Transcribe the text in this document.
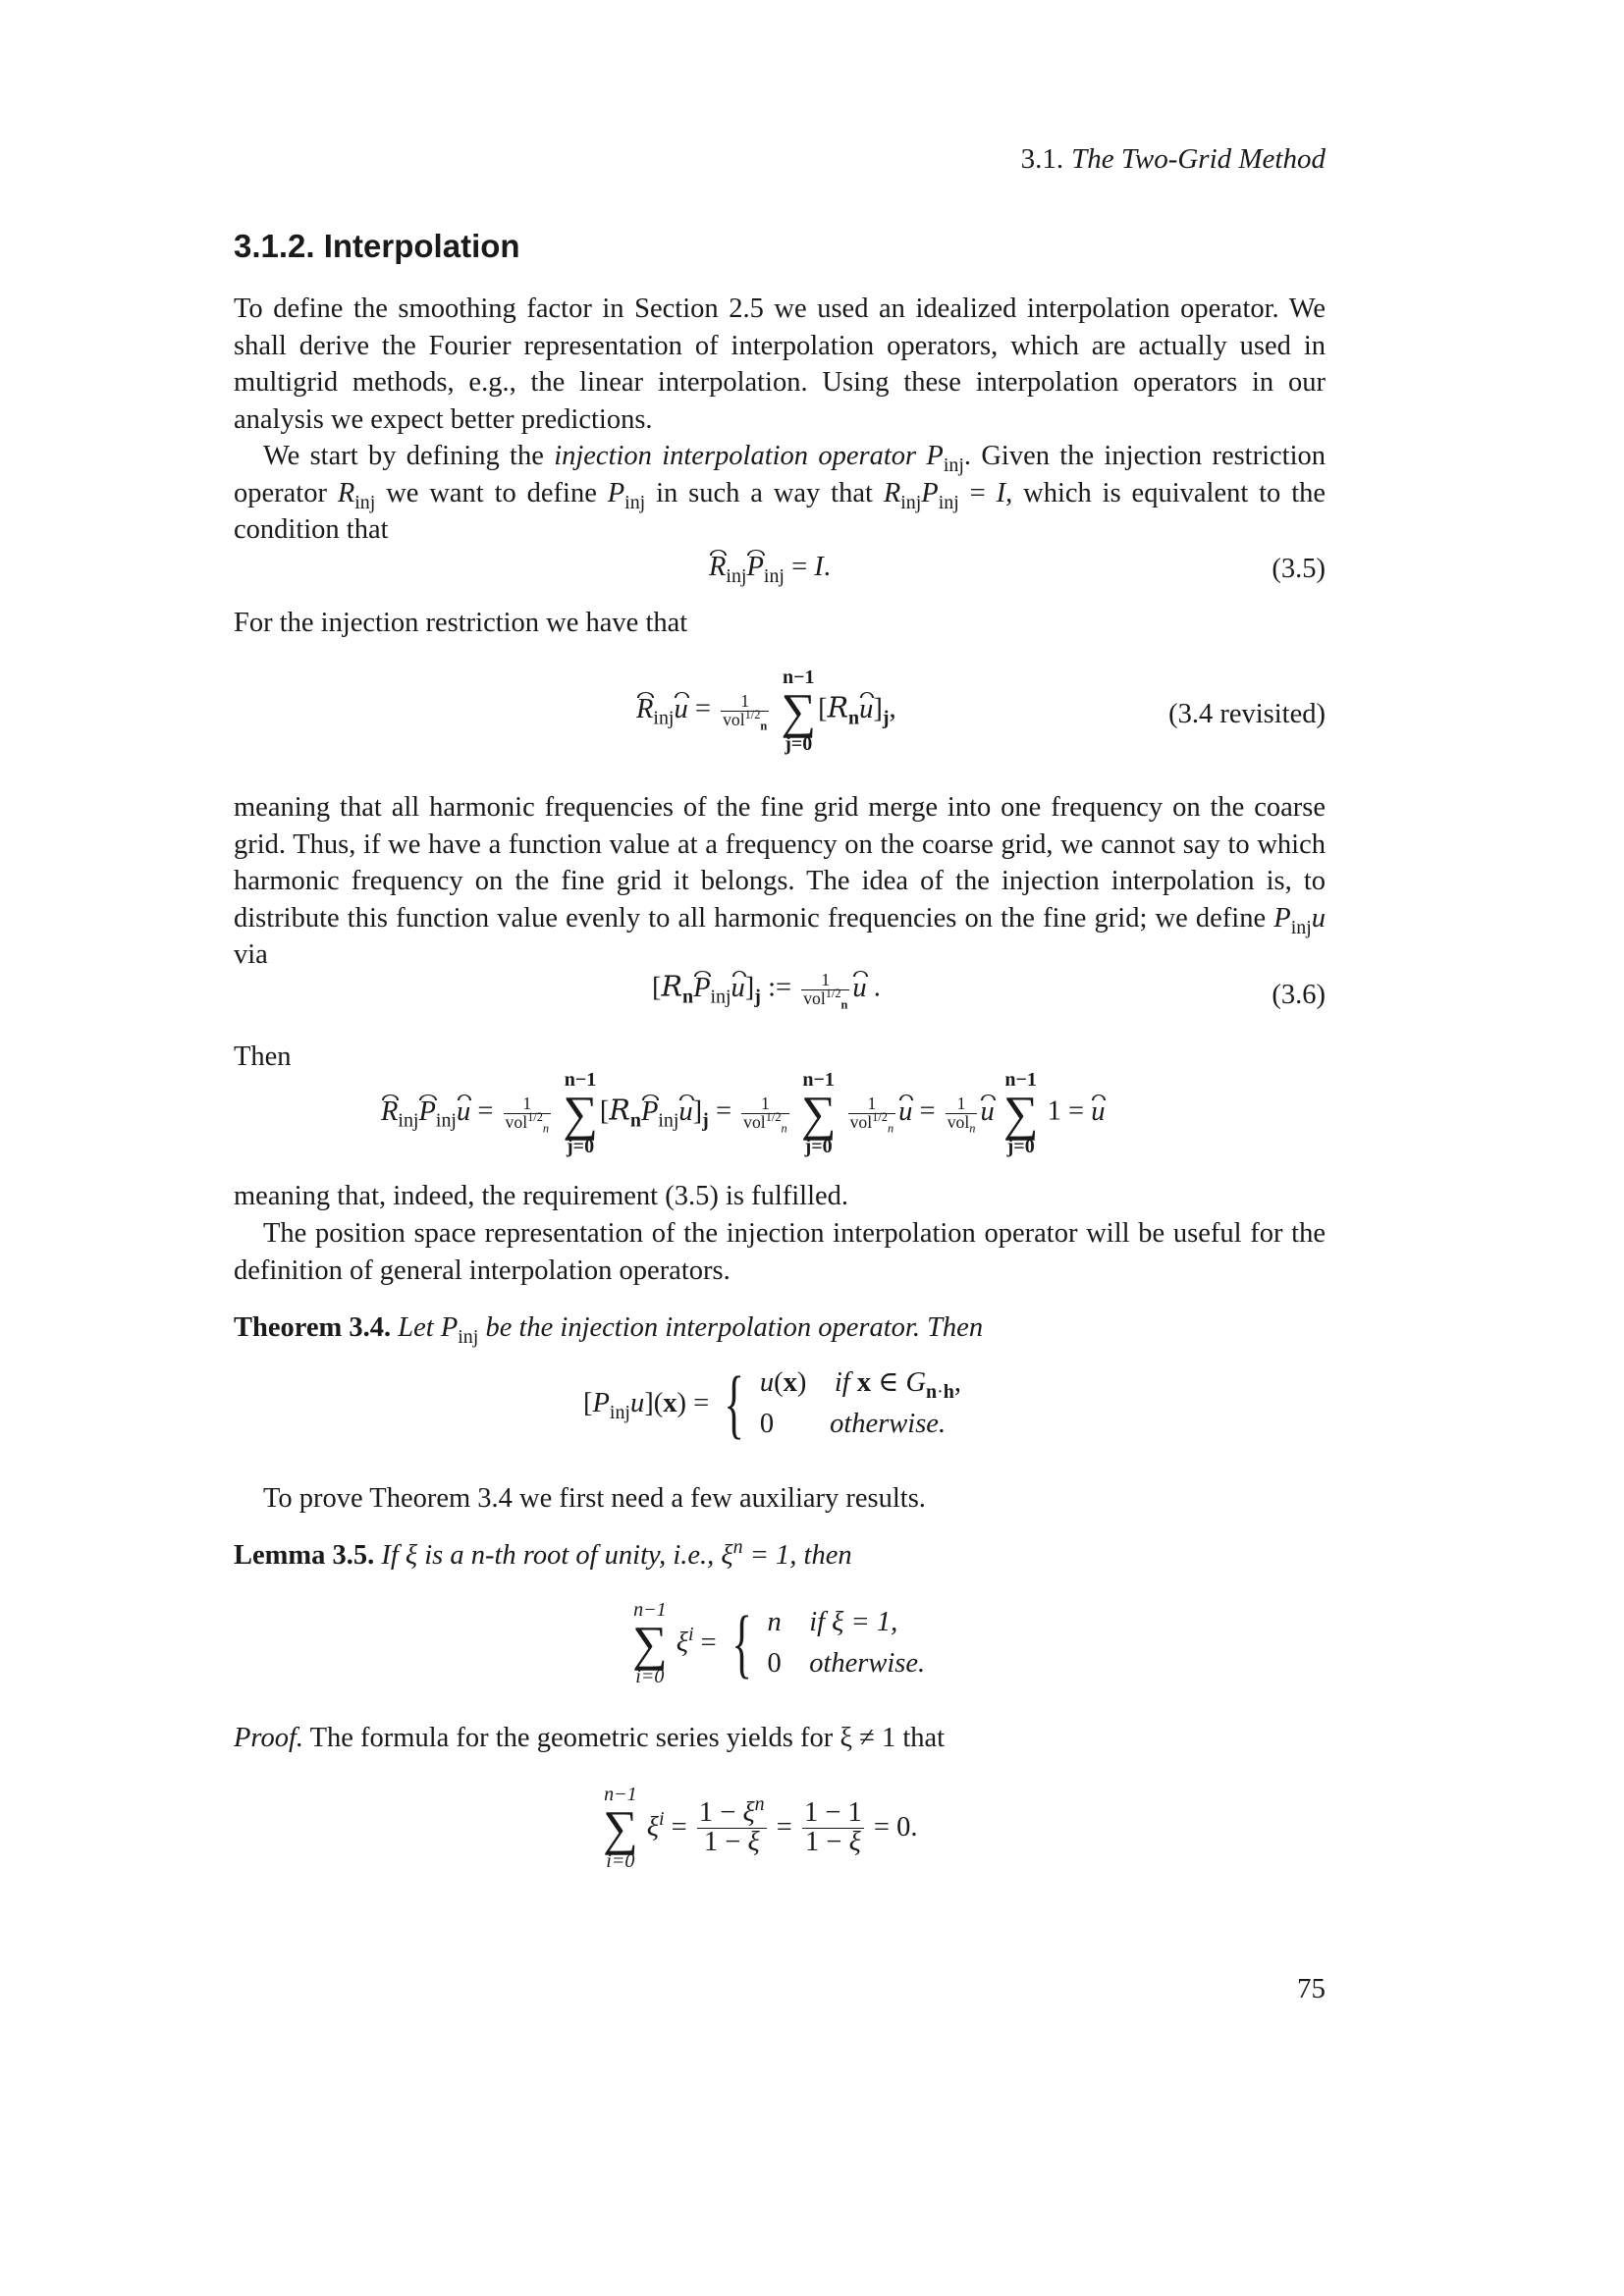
3.1. The Two-Grid Method
3.1.2. Interpolation

To define the smoothing factor in Section 2.5 we used an idealized interpolation operator. We shall derive the Fourier representation of interpolation operators, which are actually used in multigrid methods, e.g., the linear interpolation. Using these interpolation operators in our analysis we expect better predictions.

We start by defining the injection interpolation operator $P_{inj}$. Given the injection restriction operator $R_{inj}$ we want to define $P_{inj}$ in such a way that $R_{inj}P_{inj} = I$, which is equivalent to the condition that

$R_{inj}P_{inj} = I$.	(3.5)

For the injection restriction we have that

$R_{inj}u = \frac{1}{vol^{1/2}_n}$

n−1
∑
j=0
$[R_nu]_j$,	(3.4 revisited)

meaning that all harmonic frequencies of the fine grid merge into one frequency on the coarse grid. Thus, if we have a function value at a frequency on the coarse grid, we cannot say to which harmonic frequency on the fine grid it belongs. The idea of the injection interpolation is, to distribute this function value evenly to all harmonic frequencies on the fine grid; we define $P_{inj}u$ via

$[R_nP_{inj}u]_j$ := $\frac{1}{vol^{1/2}_n}$ u .	(3.6)

Then

$R_{inj}P_{inj}u = \frac{1}{vol^{1/2}_n}$

n−1
∑
j=0
$[R_nP_{inj}u]_j = \frac{1}{vol^{1/2}_n}$

n−1
∑
j=0

$\frac{1}{vol^{1/2}_n}$ $u = \frac{1}{vol_n}$ u
n−1
∑
j=0
1 = u

meaning that, indeed, the requirement (3.5) is fulfilled.

The position space representation of the injection interpolation operator will be useful for the definition of general interpolation operators.

Theorem 3.4. Let $P_{inj}$ be the injection interpolation operator. Then

$[P_{inj}u](x)$ = { u(x)    if x ∈ $G_{n\cdot h}$,
0 otherwise.

To prove Theorem 3.4 we first need a few auxiliary results.

Lemma 3.5. If ξ is a n-th root of unity, i.e., $\xi^n = 1$, then

n−1
∑
i=0
$\xi^i$ = { n if ξ = 1,
0 otherwise.

Proof. The formula for the geometric series yields for ξ ≠ 1 that

n−1
∑
i=0
$\xi^i = \frac{1 - \xi^n}{1 - \xi} = \frac{1 - 1}{1 - \xi} = 0$.
75
